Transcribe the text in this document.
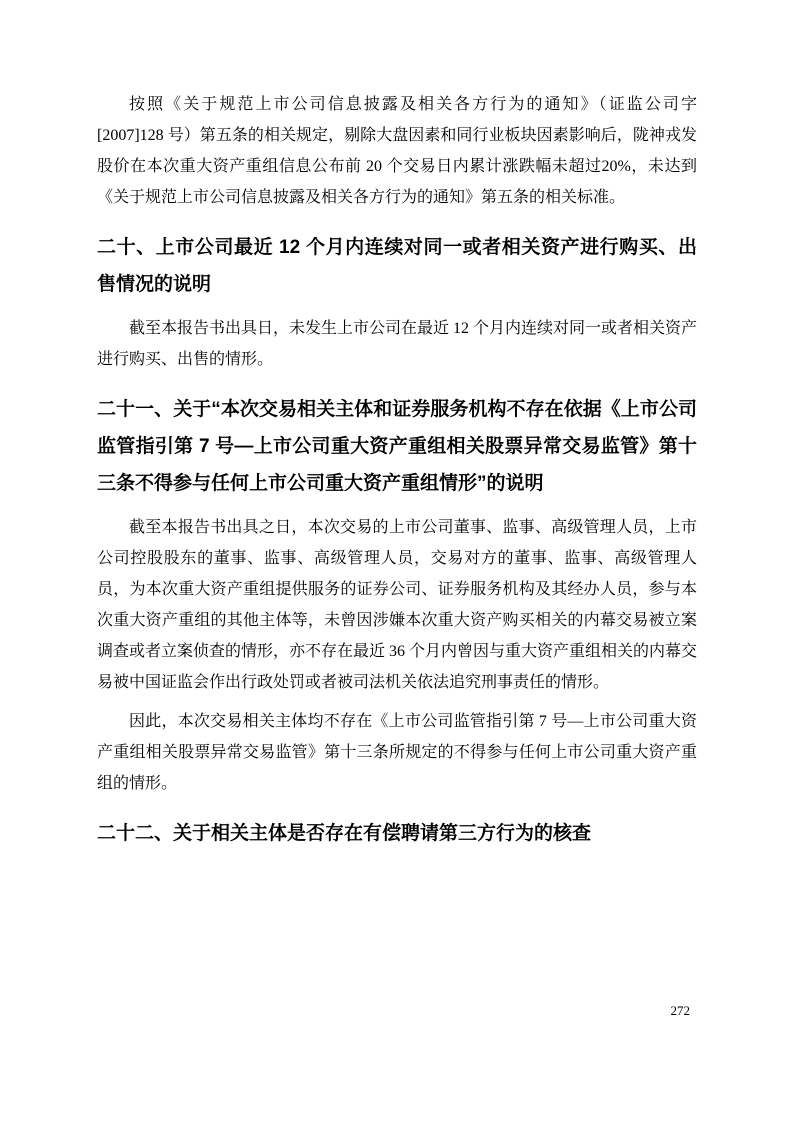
按照《关于规范上市公司信息披露及相关各方行为的通知》（证监公司字[2007]128 号）第五条的相关规定，剔除大盘因素和同行业板块因素影响后，陇神戎发股价在本次重大资产重组信息公布前 20 个交易日内累计涨跌幅未超过20%，未达到《关于规范上市公司信息披露及相关各方行为的通知》第五条的相关标准。

二十、上市公司最近 12 个月内连续对同一或者相关资产进行购买、出售情况的说明

截至本报告书出具日，未发生上市公司在最近 12 个月内连续对同一或者相关资产进行购买、出售的情形。

二十一、关于“本次交易相关主体和证券服务机构不存在依据《上市公司监管指引第 7 号—上市公司重大资产重组相关股票异常交易监管》第十三条不得参与任何上市公司重大资产重组情形”的说明

截至本报告书出具之日，本次交易的上市公司董事、监事、高级管理人员，上市公司控股股东的董事、监事、高级管理人员，交易对方的董事、监事、高级管理人员，为本次重大资产重组提供服务的证券公司、证券服务机构及其经办人员，参与本次重大资产重组的其他主体等，未曾因涉嫌本次重大资产购买相关的内幕交易被立案调查或者立案侦查的情形，亦不存在最近 36 个月内曾因与重大资产重组相关的内幕交易被中国证监会作出行政处罚或者被司法机关依法追究刑事责任的情形。

因此，本次交易相关主体均不存在《上市公司监管指引第 7 号—上市公司重大资产重组相关股票异常交易监管》第十三条所规定的不得参与任何上市公司重大资产重组的情形。

二十二、关于相关主体是否存在有偿聘请第三方行为的核查
272
